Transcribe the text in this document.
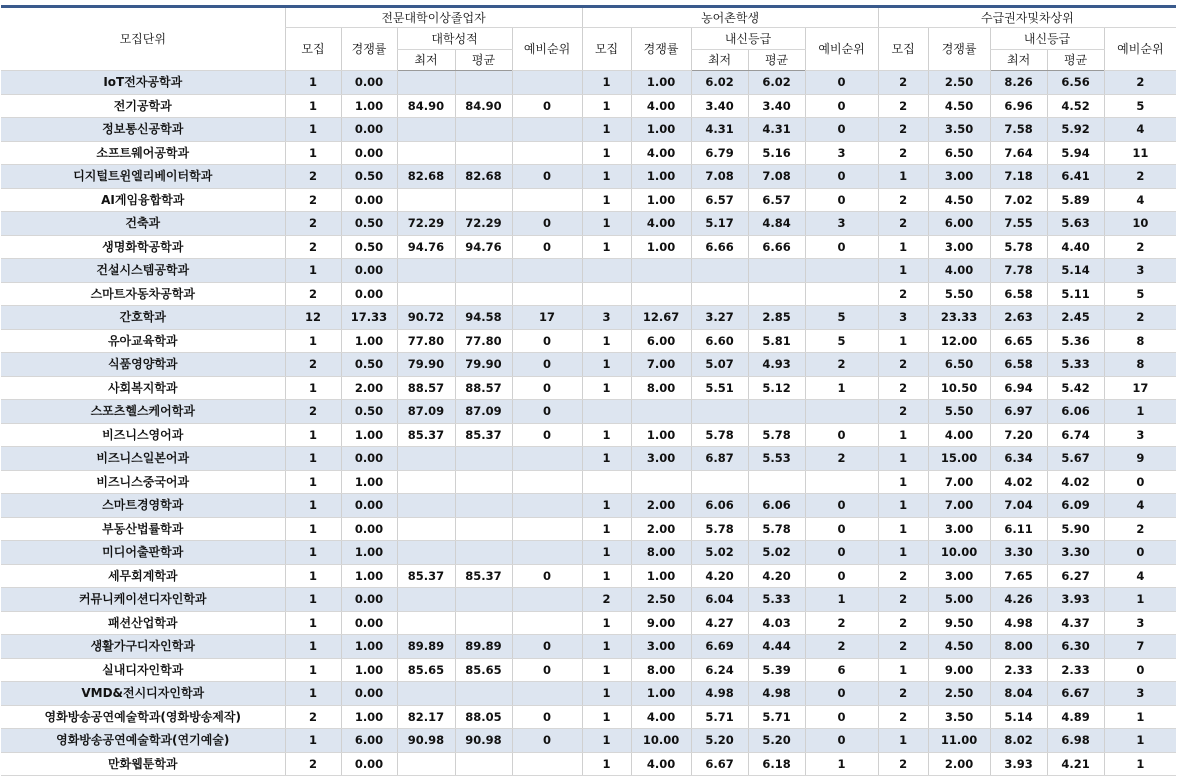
모집단위	전문대학이상졸업자					농어촌학생					수급권자및차상위				
	모집	경쟁률	대학성적		예비순위	모집	경쟁률	내신등급		예비순위	모집	경쟁률	내신등급		예비순위
			최저	평균				최저	평균				최저	평균	
IoT전자공학과	1	0.00				1	1.00	6.02	6.02	0	2	2.50	8.26	6.56	2
전기공학과	1	1.00	84.90	84.90	0	1	4.00	3.40	3.40	0	2	4.50	6.96	4.52	5
정보통신공학과	1	0.00				1	1.00	4.31	4.31	0	2	3.50	7.58	5.92	4
소프트웨어공학과	1	0.00				1	4.00	6.79	5.16	3	2	6.50	7.64	5.94	11
디지털트윈엘리베이터학과	2	0.50	82.68	82.68	0	1	1.00	7.08	7.08	0	1	3.00	7.18	6.41	2
AI게임융합학과	2	0.00				1	1.00	6.57	6.57	0	2	4.50	7.02	5.89	4
건축과	2	0.50	72.29	72.29	0	1	4.00	5.17	4.84	3	2	6.00	7.55	5.63	10
생명화학공학과	2	0.50	94.76	94.76	0	1	1.00	6.66	6.66	0	1	3.00	5.78	4.40	2
건설시스템공학과	1	0.00									1	4.00	7.78	5.14	3
스마트자동차공학과	2	0.00									2	5.50	6.58	5.11	5
간호학과	12	17.33	90.72	94.58	17	3	12.67	3.27	2.85	5	3	23.33	2.63	2.45	2
유아교육학과	1	1.00	77.80	77.80	0	1	6.00	6.60	5.81	5	1	12.00	6.65	5.36	8
식품영양학과	2	0.50	79.90	79.90	0	1	7.00	5.07	4.93	2	2	6.50	6.58	5.33	8
사회복지학과	1	2.00	88.57	88.57	0	1	8.00	5.51	5.12	1	2	10.50	6.94	5.42	17
스포츠헬스케어학과	2	0.50	87.09	87.09	0						2	5.50	6.97	6.06	1
비즈니스영어과	1	1.00	85.37	85.37	0	1	1.00	5.78	5.78	0	1	4.00	7.20	6.74	3
비즈니스일본어과	1	0.00				1	3.00	6.87	5.53	2	1	15.00	6.34	5.67	9
비즈니스중국어과	1	1.00									1	7.00	4.02	4.02	0
스마트경영학과	1	0.00				1	2.00	6.06	6.06	0	1	7.00	7.04	6.09	4
부동산법률학과	1	0.00				1	2.00	5.78	5.78	0	1	3.00	6.11	5.90	2
미디어출판학과	1	1.00				1	8.00	5.02	5.02	0	1	10.00	3.30	3.30	0
세무회계학과	1	1.00	85.37	85.37	0	1	1.00	4.20	4.20	0	2	3.00	7.65	6.27	4
커뮤니케이션디자인학과	1	0.00				2	2.50	6.04	5.33	1	2	5.00	4.26	3.93	1
패션산업학과	1	0.00				1	9.00	4.27	4.03	2	2	9.50	4.98	4.37	3
생활가구디자인학과	1	1.00	89.89	89.89	0	1	3.00	6.69	4.44	2	2	4.50	8.00	6.30	7
실내디자인학과	1	1.00	85.65	85.65	0	1	8.00	6.24	5.39	6	1	9.00	2.33	2.33	0
VMD&전시디자인학과	1	0.00				1	1.00	4.98	4.98	0	2	2.50	8.04	6.67	3
영화방송공연예술학과(영화방송제작)	2	1.00	82.17	88.05	0	1	4.00	5.71	5.71	0	2	3.50	5.14	4.89	1
영화방송공연예술학과(연기예술)	1	6.00	90.98	90.98	0	1	10.00	5.20	5.20	0	1	11.00	8.02	6.98	1
만화웹툰학과	2	0.00				1	4.00	6.67	6.18	1	2	2.00	3.93	4.21	1
